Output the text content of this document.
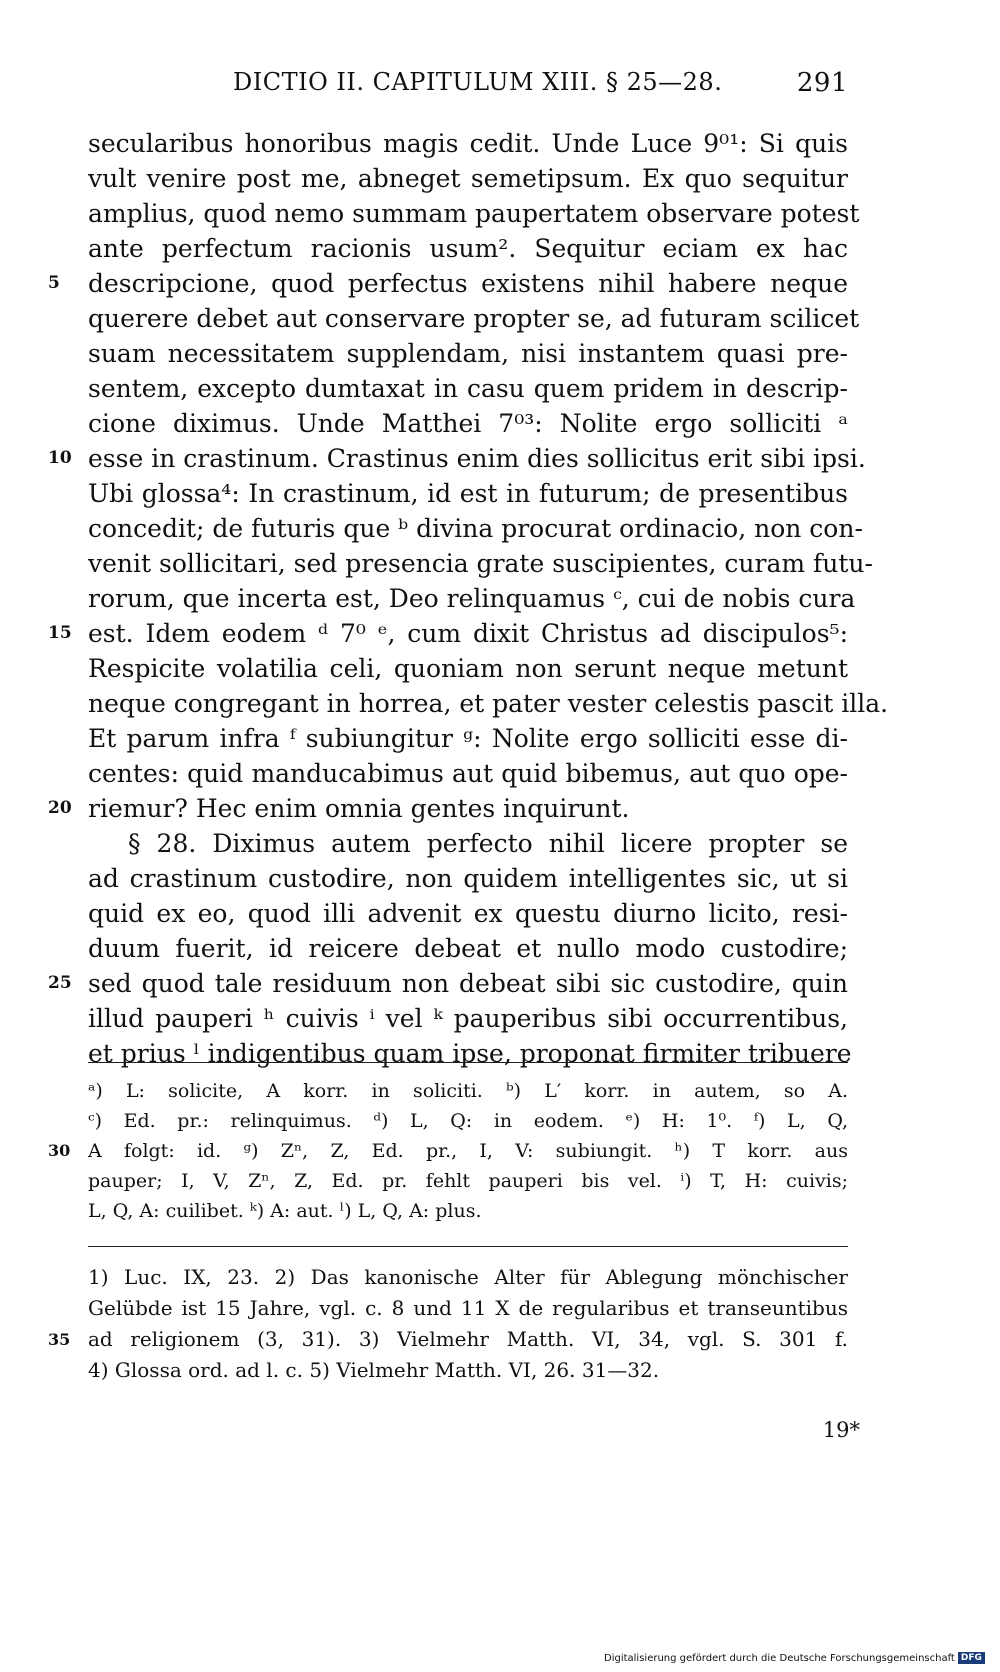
DICTIO II. CAPITULUM XIII. § 25—28.	291
secularibus honoribus magis cedit. Unde Luce 9⁰¹: Si quis
vult venire post me, abneget semetipsum. Ex quo sequitur
amplius, quod nemo summam paupertatem observare potest
ante perfectum racionis usum². Sequitur eciam ex hac
5 descripcione, quod perfectus existens nihil habere neque
querere debet aut conservare propter se, ad futuram scilicet
suam necessitatem supplendam, nisi instantem quasi pre-
sentem, excepto dumtaxat in casu quem pridem in descrip-
cione diximus. Unde Matthei 7⁰³: Nolite ergo solliciti ᵃ
10 esse in crastinum. Crastinus enim dies sollicitus erit sibi ipsi.
Ubi glossa⁴: In crastinum, id est in futurum; de presentibus
concedit; de futuris que ᵇ divina procurat ordinacio, non con-
venit sollicitari, sed presencia grate suscipientes, curam futu-
rorum, que incerta est, Deo relinquamus ᶜ, cui de nobis cura
15 est. Idem eodem ᵈ 7⁰ ᵉ, cum dixit Christus ad discipulos⁵:
Respicite volatilia celi, quoniam non serunt neque metunt
neque congregant in horrea, et pater vester celestis pascit illa.
Et parum infra ᶠ subiungitur ᵍ: Nolite ergo solliciti esse di-
centes: quid manducabimus aut quid bibemus, aut quo ope-
20 riemur? Hec enim omnia gentes inquirunt.
§ 28. Diximus autem perfecto nihil licere propter se
ad crastinum custodire, non quidem intelligentes sic, ut si
quid ex eo, quod illi advenit ex questu diurno licito, resi-
duum fuerit, id reicere debeat et nullo modo custodire;
25 sed quod tale residuum non debeat sibi sic custodire, quin
illud pauperi ʰ cuivis ⁱ vel ᵏ pauperibus sibi occurrentibus,
et prius ˡ indigentibus quam ipse, proponat firmiter tribuere
ᵃ) L: solicite, A korr. in soliciti. ᵇ) L′ korr. in autem, so A.
ᶜ) Ed. pr.: relinquimus. ᵈ) L, Q: in eodem. ᵉ) H: 1⁰. ᶠ) L, Q,
30 A folgt: id. ᵍ) Zⁿ, Z, Ed. pr., I, V: subiungit. ʰ) T korr. aus
pauper; I, V, Zⁿ, Z, Ed. pr. fehlt pauperi bis vel. ⁱ) T, H: cuivis;
L, Q, A: cuilibet. ᵏ) A: aut. ˡ) L, Q, A: plus.
1) Luc. IX, 23. 2) Das kanonische Alter für Ablegung mönchischer
Gelübde ist 15 Jahre, vgl. c. 8 und 11 X de regularibus et transeuntibus
35 ad religionem (3, 31). 3) Vielmehr Matth. VI, 34, vgl. S. 301 f.
4) Glossa ord. ad l. c. 5) Vielmehr Matth. VI, 26. 31—32.
19*
Digitalisierung gefördert durch die Deutsche Forschungsgemeinschaft DFG
